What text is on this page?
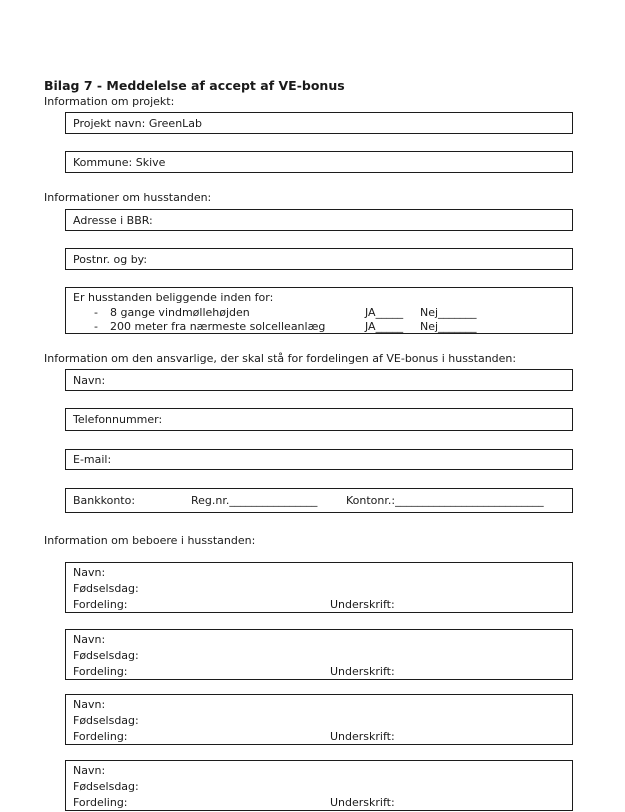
Bilag 7 - Meddelelse af accept af VE-bonus
Information om projekt:
Projekt navn: GreenLab
Kommune: Skive
Informationer om husstanden:
Adresse i BBR:
Postnr. og by:
Er husstanden beliggende inden for:
-	8 gange vindmøllehøjden	JA_____	Nej_______
-	200 meter fra nærmeste solcelleanlæg	JA_____	Nej_______
Information om den ansvarlige, der skal stå for fordelingen af VE-bonus i husstanden:
Navn:
Telefonnummer:
E-mail:
Bankkonto:	Reg.nr.________________	Kontonr.:___________________________
Information om beboere i husstanden:
Navn:
Fødselsdag:
Fordeling:	Underskrift:
Navn:
Fødselsdag:
Fordeling:	Underskrift:
Navn:
Fødselsdag:
Fordeling:	Underskrift:
Navn:
Fødselsdag:
Fordeling:	Underskrift:
